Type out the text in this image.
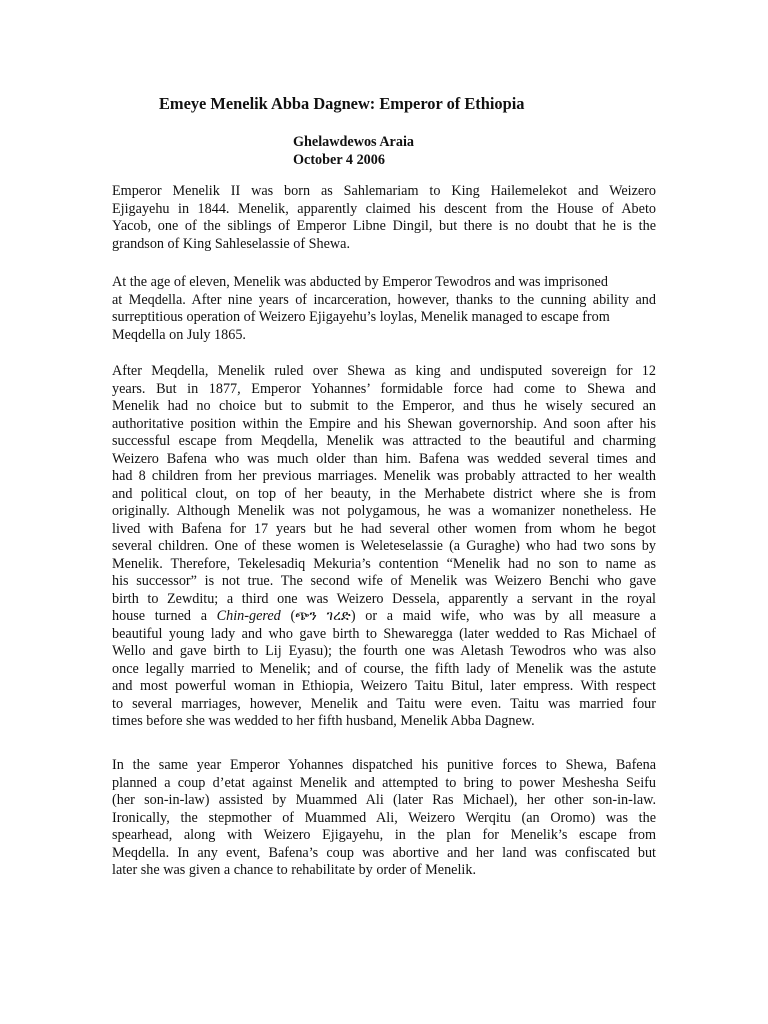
Emeye Menelik Abba Dagnew: Emperor of Ethiopia
Ghelawdewos Araia
October 4 2006
Emperor Menelik II was born as Sahlemariam to King Hailemelekot and Weizero
Ejigayehu in 1844. Menelik, apparently claimed his descent from the House of Abeto
Yacob, one of the siblings of Emperor Libne Dingil, but there is no doubt that he is the
grandson of King Sahleselassie of Shewa.
At the age of eleven, Menelik was abducted by Emperor Tewodros and was imprisoned
at Meqdella. After nine years of incarceration, however, thanks to the cunning ability and
surreptitious operation of Weizero Ejigayehu’s loylas, Menelik managed to escape from
Meqdella on July 1865.
After Meqdella, Menelik ruled over Shewa as king and undisputed sovereign for 12
years. But in 1877, Emperor Yohannes’ formidable force had come to Shewa and
Menelik had no choice but to submit to the Emperor, and thus he wisely secured an
authoritative position within the Empire and his Shewan governorship. And soon after his
successful escape from Meqdella, Menelik was attracted to the beautiful and charming
Weizero Bafena who was much older than him. Bafena was wedded several times and
had 8 children from her previous marriages. Menelik was probably attracted to her wealth
and political clout, on top of her beauty, in the Merhabete district where she is from
originally. Although Menelik was not polygamous, he was a womanizer nonetheless. He
lived with Bafena for 17 years but he had several other women from whom he begot
several children. One of these women is Weleteselassie (a Guraghe) who had two sons by
Menelik. Therefore, Tekelesadiq Mekuria’s contention “Menelik had no son to name as
his successor” is not true. The second wife of Menelik was Weizero Benchi who gave
birth to Zewditu; a third one was Weizero Dessela, apparently a servant in the royal
house turned a Chin-gered (ጭን ገረድ) or a maid wife, who was by all measure a
beautiful young lady and who gave birth to Shewaregga (later wedded to Ras Michael of
Wello and gave birth to Lij Eyasu); the fourth one was Aletash Tewodros who was also
once legally married to Menelik; and of course, the fifth lady of Menelik was the astute
and most powerful woman in Ethiopia, Weizero Taitu Bitul, later empress. With respect
to several marriages, however, Menelik and Taitu were even. Taitu was married four
times before she was wedded to her fifth husband, Menelik Abba Dagnew.
In the same year Emperor Yohannes dispatched his punitive forces to Shewa, Bafena
planned a coup d’etat against Menelik and attempted to bring to power Meshesha Seifu
(her son-in-law) assisted by Muammed Ali (later Ras Michael), her other son-in-law.
Ironically, the stepmother of Muammed Ali, Weizero Werqitu (an Oromo) was the
spearhead, along with Weizero Ejigayehu, in the plan for Menelik’s escape from
Meqdella. In any event, Bafena’s coup was abortive and her land was confiscated but
later she was given a chance to rehabilitate by order of Menelik.
